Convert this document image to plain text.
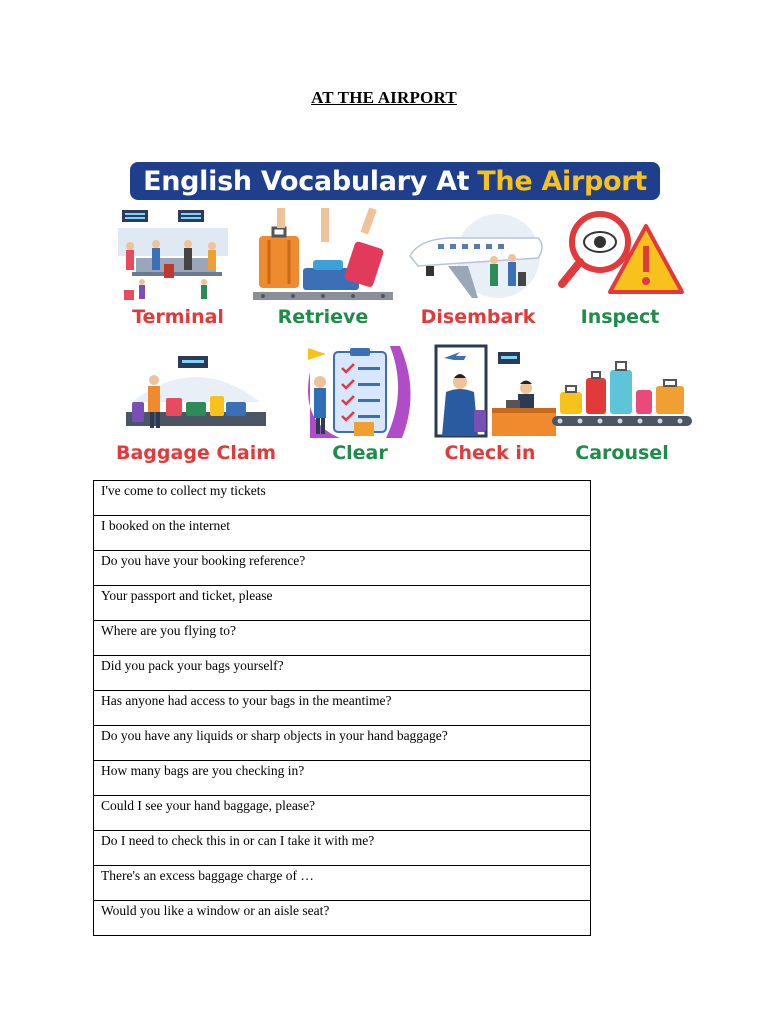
AT THE AIRPORT
English Vocabulary At The Airport
Terminal	Retrieve	Disembark	Inspect
Baggage Claim	Clear	Check in	Carousel
I've come to collect my tickets
I booked on the internet
Do you have your booking reference?
Your passport and ticket, please
Where are you flying to?
Did you pack your bags yourself?
Has anyone had access to your bags in the meantime?
Do you have any liquids or sharp objects in your hand baggage?
How many bags are you checking in?
Could I see your hand baggage, please?
Do I need to check this in or can I take it with me?
There's an excess baggage charge of …
Would you like a window or an aisle seat?
